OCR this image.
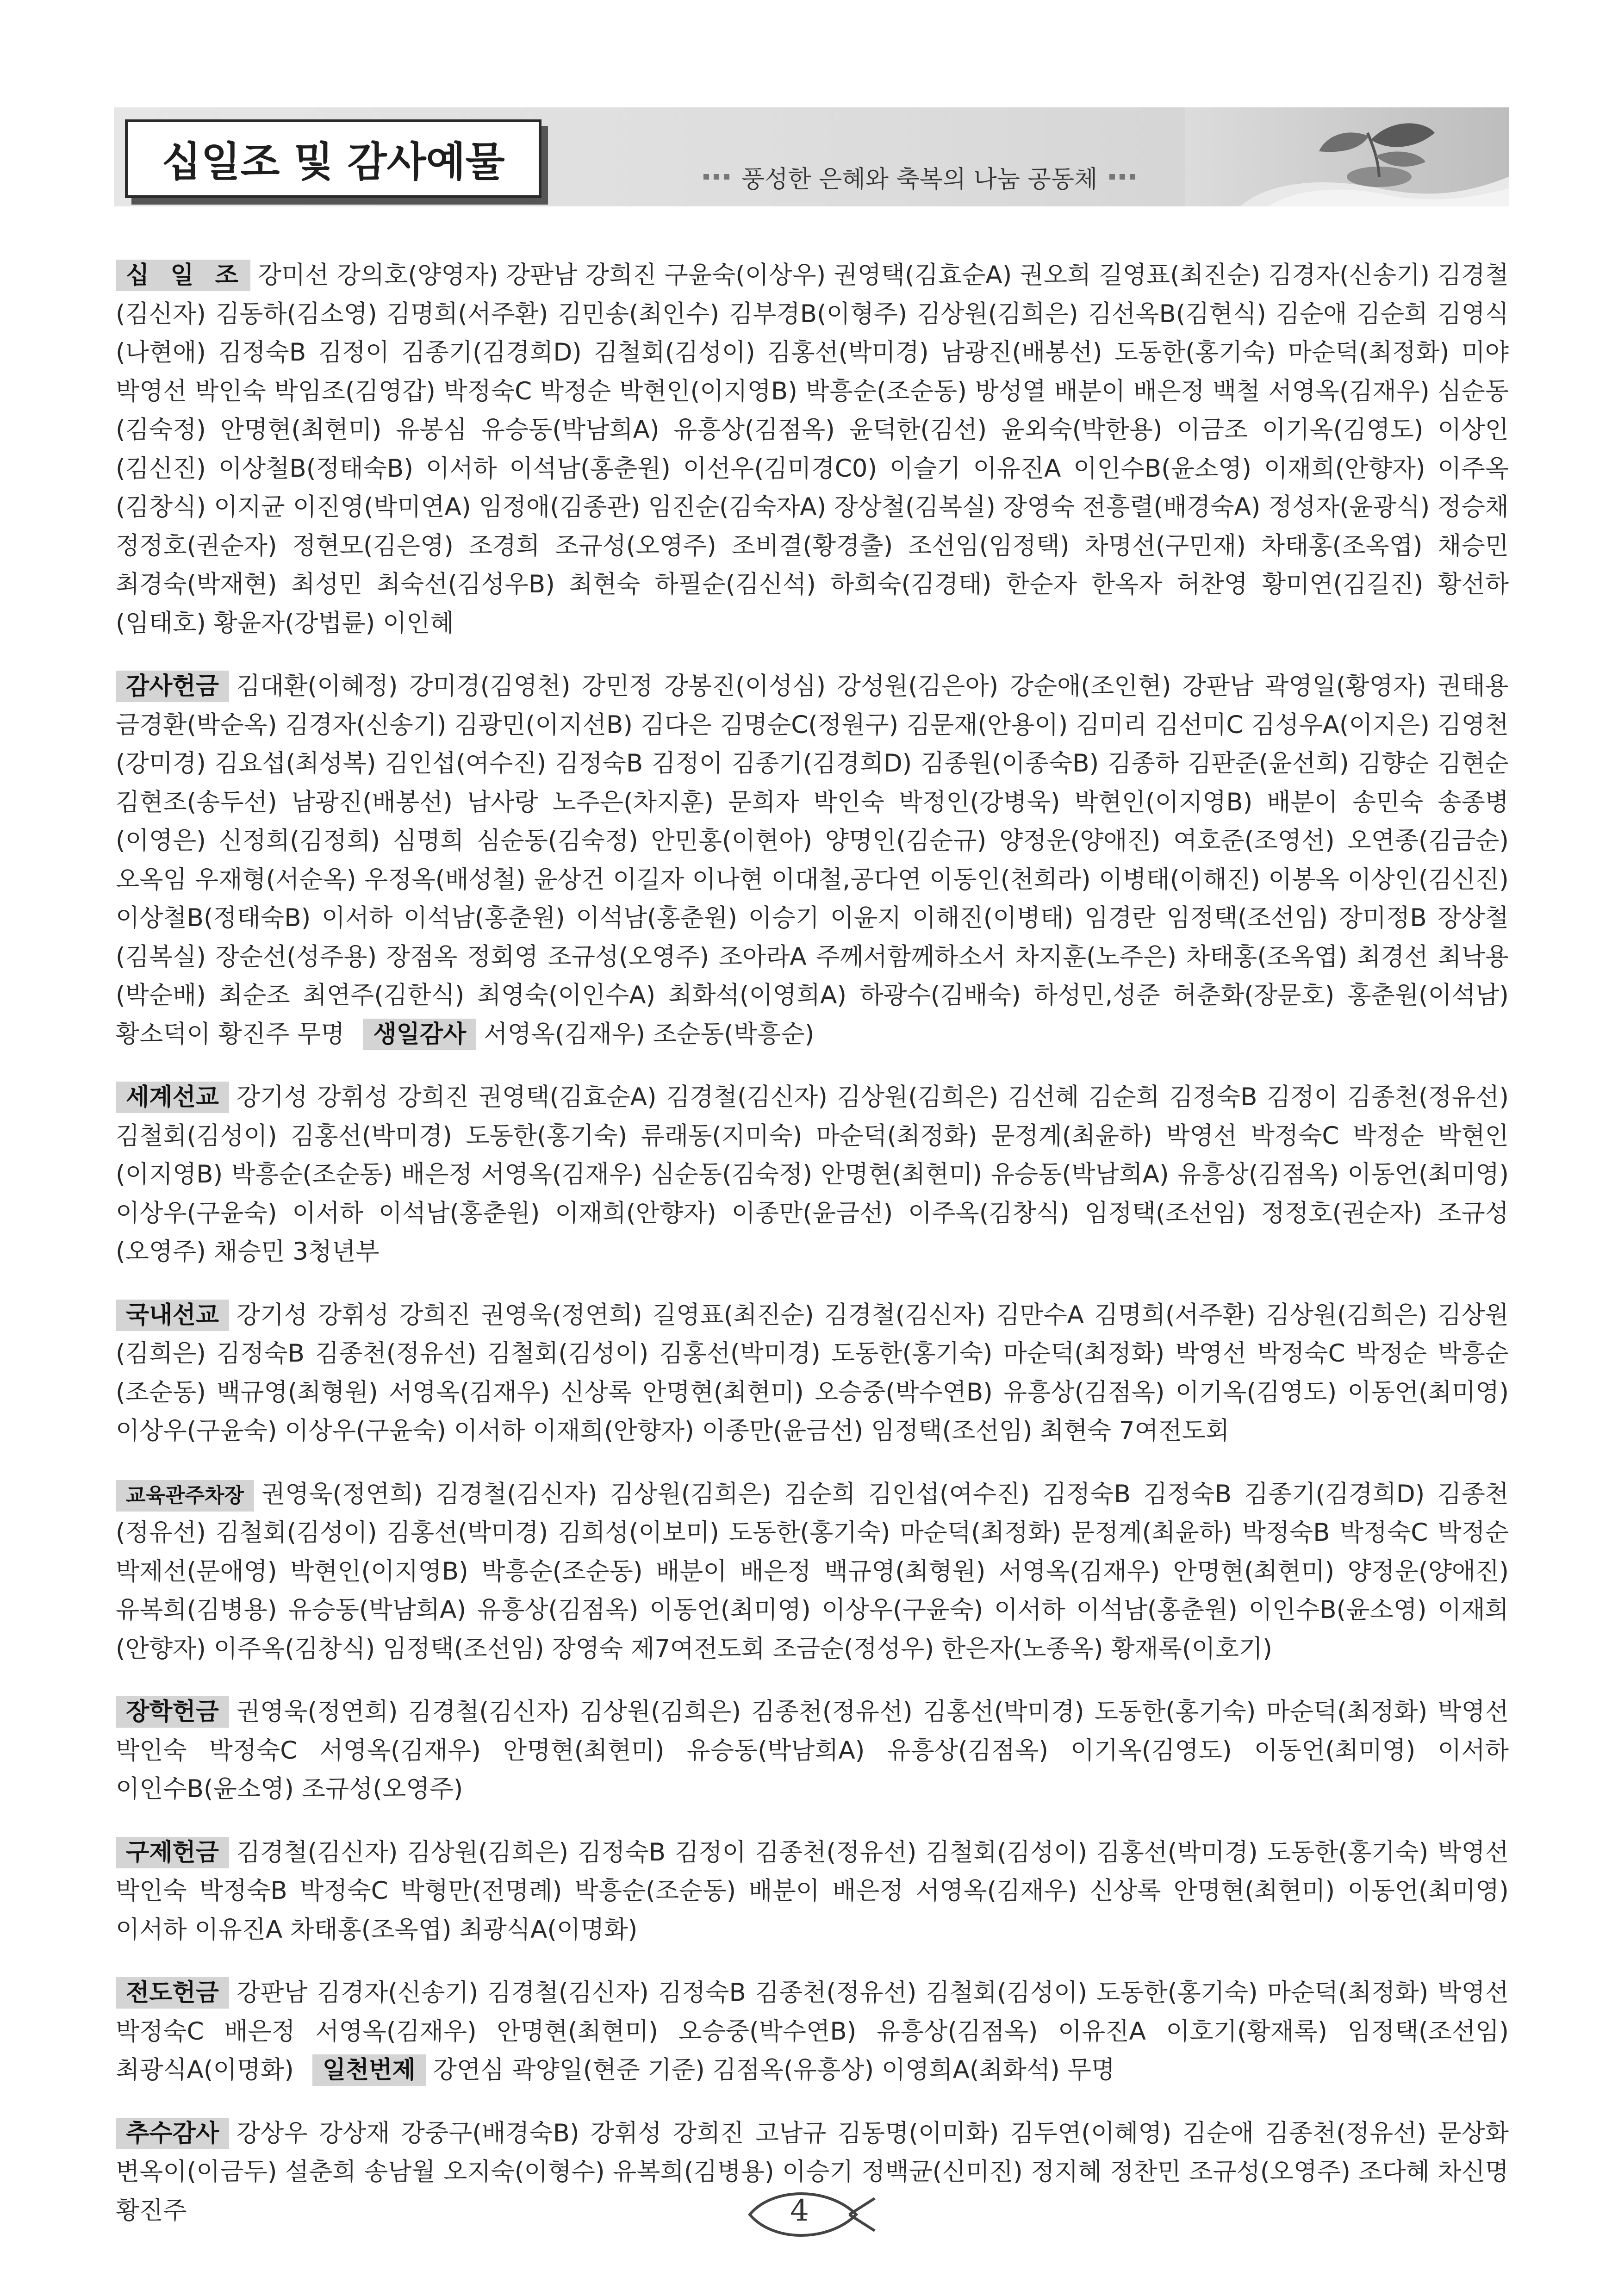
십일조 및 감사예물	풍성한 은혜와 축복의 나눔 공동체

십 일 조 강미선 강의호(양영자) 강판남 강희진 구윤숙(이상우) 권영택(김효순A) 권오희 길영표(최진순) 김경자(신송기) 김경철(김신자) 김동하(김소영) 김명희(서주환) 김민송(최인수) 김부경B(이형주) 김상원(김희은) 김선옥B(김현식) 김순애 김순희 김영식(나현애) 김정숙B 김정이 김종기(김경희D) 김철회(김성이) 김홍선(박미경) 남광진(배봉선) 도동한(홍기숙) 마순덕(최정화) 미야 박영선 박인숙 박임조(김영갑) 박정숙C 박정순 박현인(이지영B) 박흥순(조순동) 방성열 배분이 배은정 백철 서영옥(김재우) 심순동(김숙정) 안명현(최현미) 유봉심 유승동(박남희A) 유흥상(김점옥) 윤덕한(김선) 윤외숙(박한용) 이금조 이기옥(김영도) 이상인(김신진) 이상철B(정태숙B) 이서하 이석남(홍춘원) 이선우(김미경C0) 이슬기 이유진A 이인수B(윤소영) 이재희(안향자) 이주옥(김창식) 이지균 이진영(박미연A) 임정애(김종관) 임진순(김숙자A) 장상철(김복실) 장영숙 전흥렬(배경숙A) 정성자(윤광식) 정승채 정정호(권순자) 정현모(김은영) 조경희 조규성(오영주) 조비결(황경출) 조선임(임정택) 차명선(구민재) 차태홍(조옥엽) 채승민 최경숙(박재현) 최성민 최숙선(김성우B) 최현숙 하필순(김신석) 하희숙(김경태) 한순자 한옥자 허찬영 황미연(김길진) 황선하(임태호) 황윤자(강법륜) 이인혜

감사헌금 김대환(이혜정) 강미경(김영천) 강민정 강봉진(이성심) 강성원(김은아) 강순애(조인현) 강판남 곽영일(황영자) 권태용 금경환(박순옥) 김경자(신송기) 김광민(이지선B) 김다은 김명순C(정원구) 김문재(안용이) 김미리 김선미C 김성우A(이지은) 김영천(강미경) 김요섭(최성복) 김인섭(여수진) 김정숙B 김정이 김종기(김경희D) 김종원(이종숙B) 김종하 김판준(윤선희) 김향순 김현순 김현조(송두선) 남광진(배봉선) 남사랑 노주은(차지훈) 문희자 박인숙 박정인(강병욱) 박현인(이지영B) 배분이 송민숙 송종병(이영은) 신정희(김정희) 심명희 심순동(김숙정) 안민홍(이현아) 양명인(김순규) 양정운(양애진) 여호준(조영선) 오연종(김금순) 오옥임 우재형(서순옥) 우정옥(배성철) 윤상건 이길자 이나현 이대철,공다연 이동인(천희라) 이병태(이해진) 이봉옥 이상인(김신진) 이상철B(정태숙B) 이서하 이석남(홍춘원) 이석남(홍춘원) 이승기 이윤지 이해진(이병태) 임경란 임정택(조선임) 장미정B 장상철(김복실) 장순선(성주용) 장점옥 정회영 조규성(오영주) 조아라A 주께서함께하소서 차지훈(노주은) 차태홍(조옥엽) 최경선 최낙용(박순배) 최순조 최연주(김한식) 최영숙(이인수A) 최화석(이영희A) 하광수(김배숙) 하성민,성준 허춘화(장문호) 홍춘원(이석남) 황소덕이 황진주 무명 생일감사 서영옥(김재우) 조순동(박흥순)

세계선교 강기성 강휘성 강희진 권영택(김효순A) 김경철(김신자) 김상원(김희은) 김선혜 김순희 김정숙B 김정이 김종천(정유선) 김철회(김성이) 김홍선(박미경) 도동한(홍기숙) 류래동(지미숙) 마순덕(최정화) 문정계(최윤하) 박영선 박정숙C 박정순 박현인(이지영B) 박흥순(조순동) 배은정 서영옥(김재우) 심순동(김숙정) 안명현(최현미) 유승동(박남희A) 유흥상(김점옥) 이동언(최미영) 이상우(구윤숙) 이서하 이석남(홍춘원) 이재희(안향자) 이종만(윤금선) 이주옥(김창식) 임정택(조선임) 정정호(권순자) 조규성(오영주) 채승민 3청년부

국내선교 강기성 강휘성 강희진 권영욱(정연희) 길영표(최진순) 김경철(김신자) 김만수A 김명희(서주환) 김상원(김희은) 김상원(김희은) 김정숙B 김종천(정유선) 김철회(김성이) 김홍선(박미경) 도동한(홍기숙) 마순덕(최정화) 박영선 박정숙C 박정순 박흥순(조순동) 백규영(최형원) 서영옥(김재우) 신상록 안명현(최현미) 오승중(박수연B) 유흥상(김점옥) 이기옥(김영도) 이동언(최미영) 이상우(구윤숙) 이상우(구윤숙) 이서하 이재희(안향자) 이종만(윤금선) 임정택(조선임) 최현숙 7여전도회

교육관주차장 권영욱(정연희) 김경철(김신자) 김상원(김희은) 김순희 김인섭(여수진) 김정숙B 김정숙B 김종기(김경희D) 김종천(정유선) 김철회(김성이) 김홍선(박미경) 김희성(이보미) 도동한(홍기숙) 마순덕(최정화) 문정계(최윤하) 박정숙B 박정숙C 박정순 박제선(문애영) 박현인(이지영B) 박흥순(조순동) 배분이 배은정 백규영(최형원) 서영옥(김재우) 안명현(최현미) 양정운(양애진) 유복희(김병용) 유승동(박남희A) 유흥상(김점옥) 이동언(최미영) 이상우(구윤숙) 이서하 이석남(홍춘원) 이인수B(윤소영) 이재희(안향자) 이주옥(김창식) 임정택(조선임) 장영숙 제7여전도회 조금순(정성우) 한은자(노종옥) 황재록(이호기)

장학헌금 권영욱(정연희) 김경철(김신자) 김상원(김희은) 김종천(정유선) 김홍선(박미경) 도동한(홍기숙) 마순덕(최정화) 박영선 박인숙 박정숙C 서영옥(김재우) 안명현(최현미) 유승동(박남희A) 유흥상(김점옥) 이기옥(김영도) 이동언(최미영) 이서하 이인수B(윤소영) 조규성(오영주)

구제헌금 김경철(김신자) 김상원(김희은) 김정숙B 김정이 김종천(정유선) 김철회(김성이) 김홍선(박미경) 도동한(홍기숙) 박영선 박인숙 박정숙B 박정숙C 박형만(전명례) 박흥순(조순동) 배분이 배은정 서영옥(김재우) 신상록 안명현(최현미) 이동언(최미영) 이서하 이유진A 차태홍(조옥엽) 최광식A(이명화)

전도헌금 강판남 김경자(신송기) 김경철(김신자) 김정숙B 김종천(정유선) 김철회(김성이) 도동한(홍기숙) 마순덕(최정화) 박영선 박정숙C 배은정 서영옥(김재우) 안명현(최현미) 오승중(박수연B) 유흥상(김점옥) 이유진A 이호기(황재록) 임정택(조선임) 최광식A(이명화) 일천번제 강연심 곽양일(현준 기준) 김점옥(유흥상) 이영희A(최화석) 무명

추수감사 강상우 강상재 강중구(배경숙B) 강휘성 강희진 고남규 김동명(이미화) 김두연(이혜영) 김순애 김종천(정유선) 문상화 변옥이(이금두) 설춘희 송남월 오지숙(이형수) 유복희(김병용) 이승기 정백균(신미진) 정지혜 정찬민 조규성(오영주) 조다혜 차신명 황진주	4
